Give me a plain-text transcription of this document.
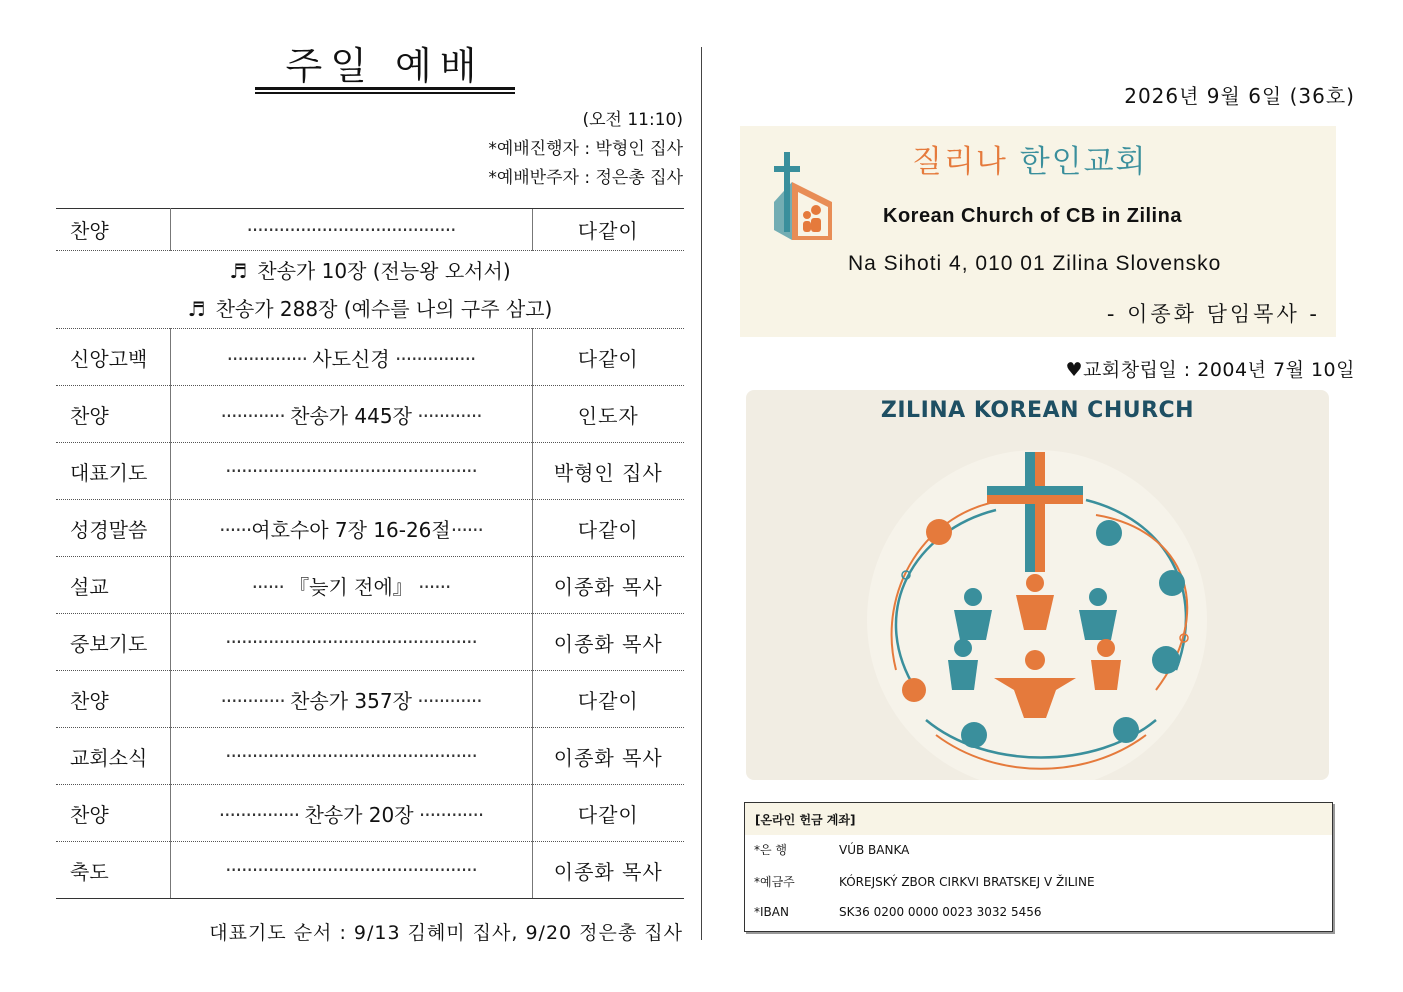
주일 예배
(오전 11:10)
*예배진행자 : 박형인 집사
*예배반주자 : 정은총 집사
찬양	·······································	다같이

♬ 찬송가 10장 (전능왕 오서서)
♬ 찬송가 288장 (예수를 나의 구주 삼고)		

신앙고백	··············· 사도신경 ···············	다같이
찬양	············ 찬송가 445장 ············	인도자
대표기도	···············································	박형인 집사
성경말씀	······여호수아 7장 16-26절······	다같이
설교	······ 『늦기 전에』 ······	이종화 목사
중보기도	···············································	이종화 목사
찬양	············ 찬송가 357장 ············	다같이
교회소식	···············································	이종화 목사
찬양	··············· 찬송가 20장 ············	다같이
축도	···············································	이종화 목사
대표기도 순서 : 9/13 김혜미 집사, 9/20 정은총 집사
2026년 9월 6일 (36호)
질리나 한인교회
Korean Church of CB in Zilina
Na Sihoti 4, 010 01 Zilina Slovensko
- 이종화 담임목사 -
♥교회창립일 : 2004년 7월 10일
ZILINA KOREAN CHURCH
[온라인 헌금 계좌]
*은 행	VÚB BANKA
*예금주	KÓREJSKÝ ZBOR CIRKVI BRATSKEJ V ŽILINE
*IBAN	SK36 0200 0000 0023 3032 5456
